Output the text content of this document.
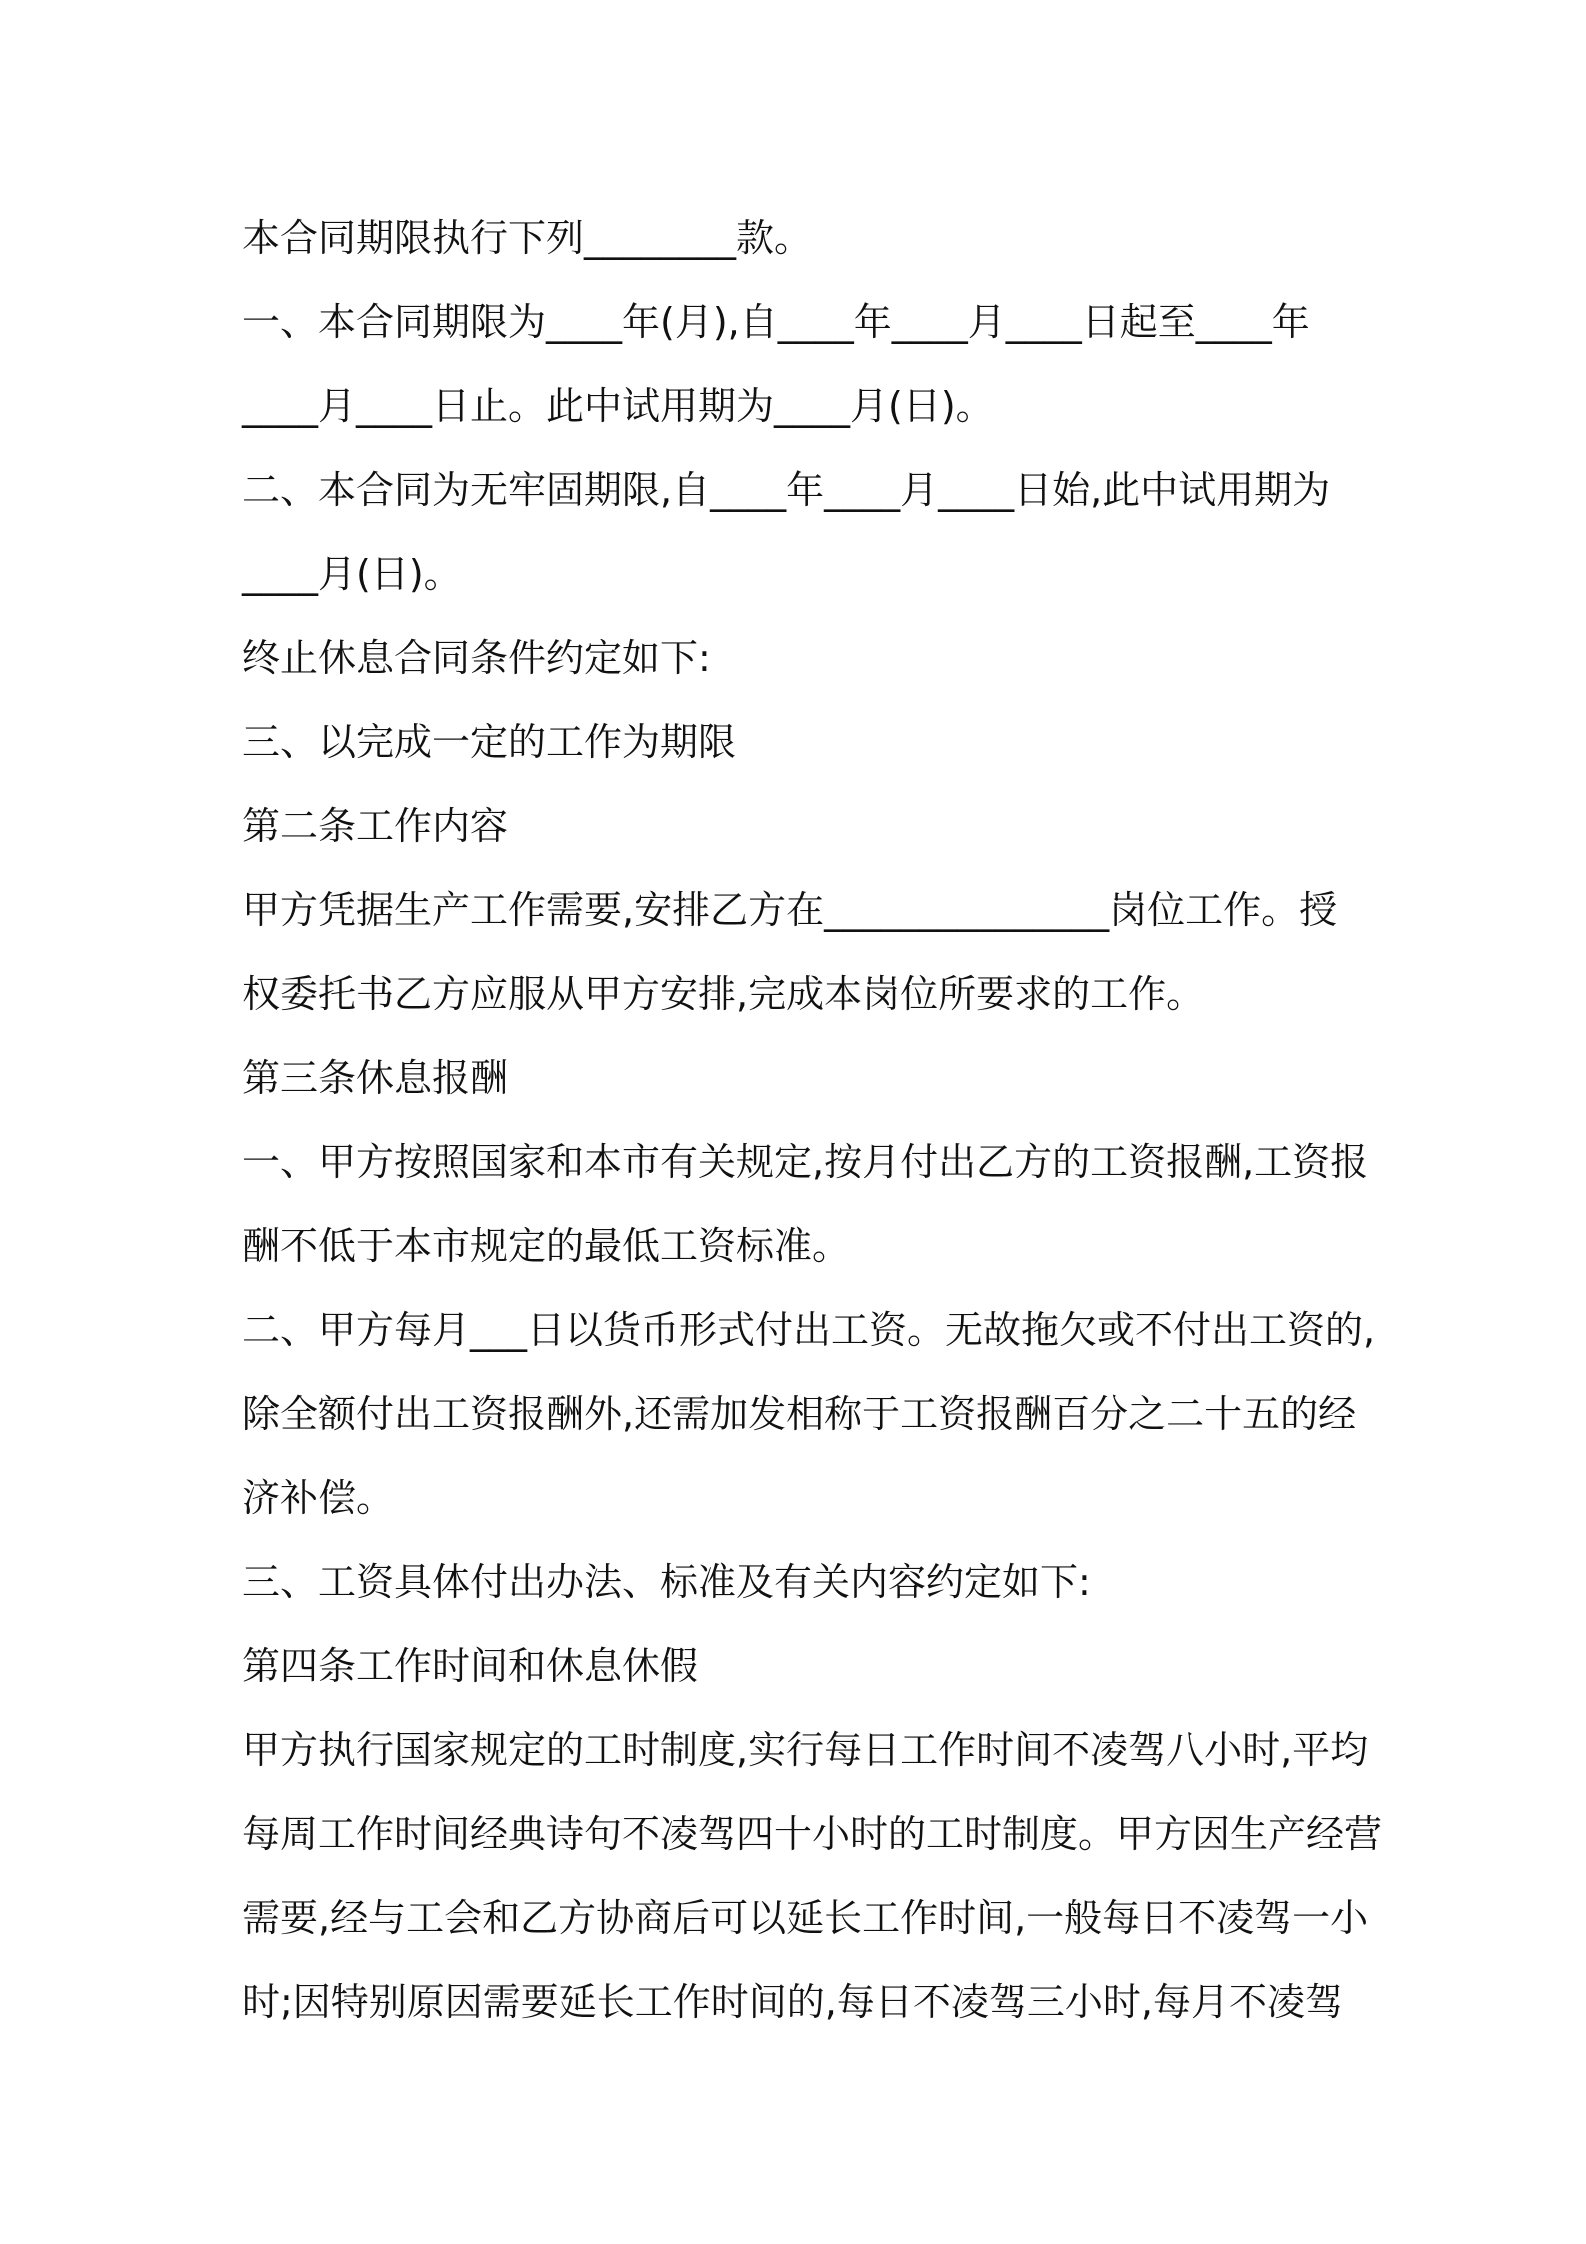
本合同期限执行下列________款。
一、本合同期限为____年(月),自____年____月____日起至____年
____月____日止。此中试用期为____月(日)。
二、本合同为无牢固期限,自____年____月____日始,此中试用期为
____月(日)。
终止休息合同条件约定如下:
三、以完成一定的工作为期限
第二条工作内容
甲方凭据生产工作需要,安排乙方在_______________岗位工作。授
权委托书乙方应服从甲方安排,完成本岗位所要求的工作。
第三条休息报酬
一、甲方按照国家和本市有关规定,按月付出乙方的工资报酬,工资报
酬不低于本市规定的最低工资标准。
二、甲方每月___日以货币形式付出工资。无故拖欠或不付出工资的,
除全额付出工资报酬外,还需加发相称于工资报酬百分之二十五的经
济补偿。
三、工资具体付出办法、标准及有关内容约定如下:
第四条工作时间和休息休假
甲方执行国家规定的工时制度,实行每日工作时间不凌驾八小时,平均
每周工作时间经典诗句不凌驾四十小时的工时制度。甲方因生产经营
需要,经与工会和乙方协商后可以延长工作时间,一般每日不凌驾一小
时;因特别原因需要延长工作时间的,每日不凌驾三小时,每月不凌驾
